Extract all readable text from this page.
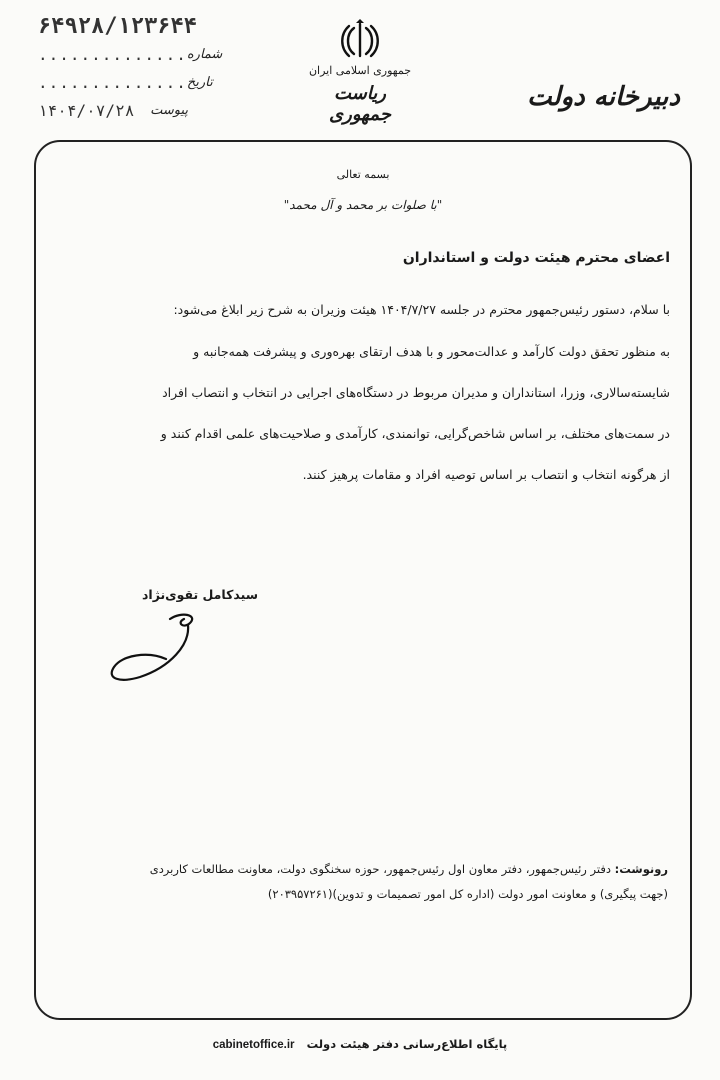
۶۴۹۲۸/۱۲۳۶۴۴
.............. شماره
.............. تاریخ
۱۴۰۴/۰۷/۲۸	پیوست
جمهوری اسلامی ایران
ریاست جمهوری
دبیرخانه دولت
بسمه تعالی
"با صلوات بر محمد و آل محمد"
اعضای محترم هیئت دولت و استانداران
با سلام، دستور رئیس‌جمهور محترم در جلسه ۱۴۰۴/۷/۲۷ هیئت وزیران به شرح زیر ابلاغ می‌شود:
به منظور تحقق دولت کارآمد و عدالت‌محور و با هدف ارتقای بهره‌وری و پیشرفت همه‌جانبه و
شایسته‌سالاری، وزرا، استانداران و مدیران مربوط در دستگاه‌های اجرایی در انتخاب و انتصاب افراد
در سمت‌های مختلف، بر اساس شاخص‌گرایی، توانمندی، کارآمدی و صلاحیت‌های علمی اقدام کنند و
از هرگونه انتخاب و انتصاب بر اساس توصیه افراد و مقامات پرهیز کنند.
سیدکامل تقوی‌نژاد
رونوشت: دفتر رئیس‌جمهور، دفتر معاون اول رئیس‌جمهور، حوزه سخنگوی دولت، معاونت مطالعات کاربردی
(جهت پیگیری) و معاونت امور دولت (اداره کل امور تصمیمات و تدوین)(۲۰۳۹۵۷۲۶۱)
پایگاه اطلاع‌رسانی دفتر هیئت دولت cabinetoffice.ir
